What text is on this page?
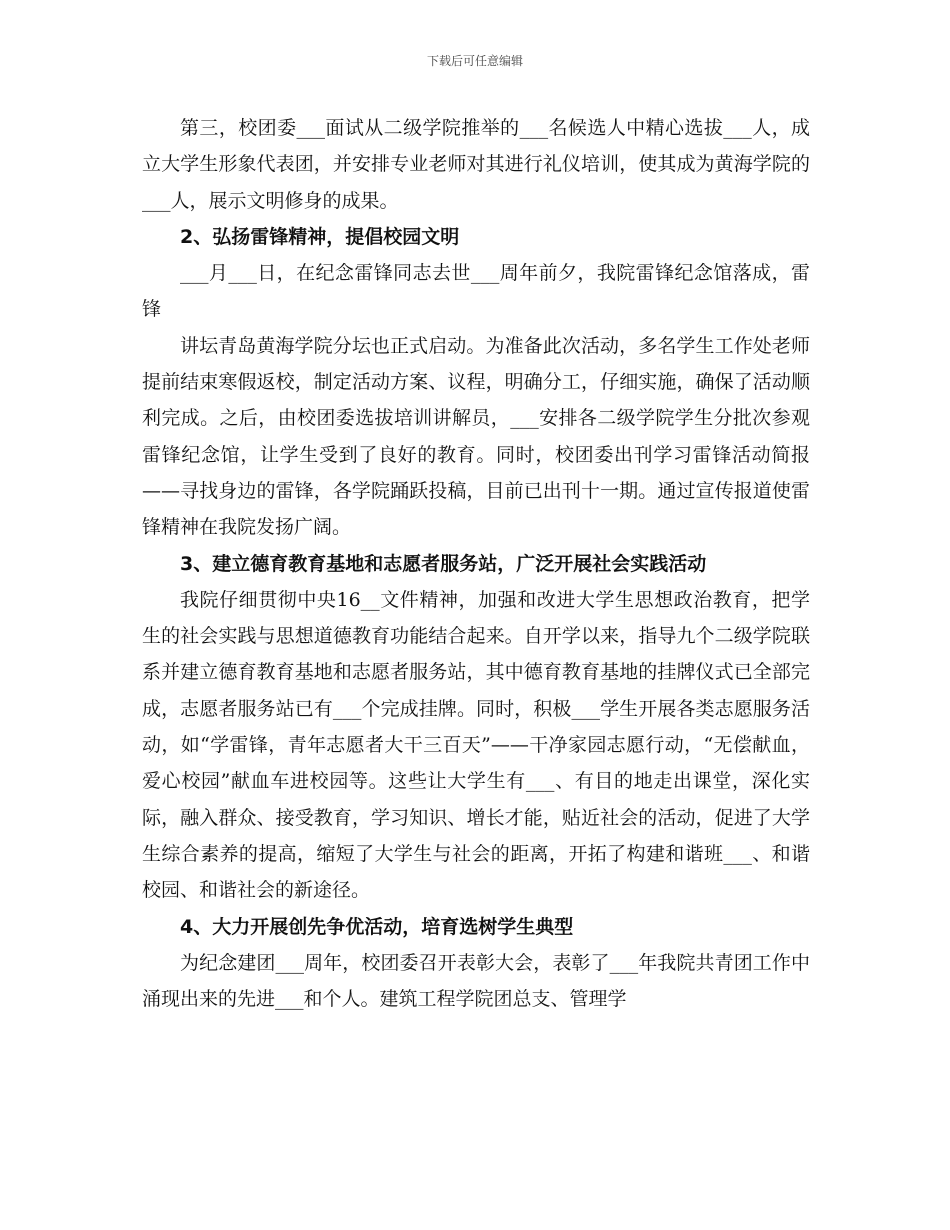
下载后可任意编辑

第三，校团委___面试从二级学院推举的___名候选人中精心选拔___人，成立大学生形象代表团，并安排专业老师对其进行礼仪培训，使其成为黄海学院的___人，展示文明修身的成果。

2、弘扬雷锋精神，提倡校园文明

___月___日，在纪念雷锋同志去世___周年前夕，我院雷锋纪念馆落成，雷锋

讲坛青岛黄海学院分坛也正式启动。为准备此次活动，多名学生工作处老师提前结束寒假返校，制定活动方案、议程，明确分工，仔细实施，确保了活动顺利完成。之后，由校团委选拔培训讲解员，___安排各二级学院学生分批次参观雷锋纪念馆，让学生受到了良好的教育。同时，校团委出刊学习雷锋活动简报——寻找身边的雷锋，各学院踊跃投稿，目前已出刊十一期。通过宣传报道使雷锋精神在我院发扬广阔。

3、建立德育教育基地和志愿者服务站，广泛开展社会实践活动

我院仔细贯彻中央16__文件精神，加强和改进大学生思想政治教育，把学生的社会实践与思想道德教育功能结合起来。自开学以来，指导九个二级学院联系并建立德育教育基地和志愿者服务站，其中德育教育基地的挂牌仪式已全部完成，志愿者服务站已有___个完成挂牌。同时，积极___学生开展各类志愿服务活动，如“学雷锋，青年志愿者大干三百天”——干净家园志愿行动，“无偿献血，爱心校园”献血车进校园等。这些让大学生有___、有目的地走出课堂，深化实际，融入群众、接受教育，学习知识、增长才能，贴近社会的活动，促进了大学生综合素养的提高，缩短了大学生与社会的距离，开拓了构建和谐班___、和谐校园、和谐社会的新途径。

4、大力开展创先争优活动，培育选树学生典型

为纪念建团___周年，校团委召开表彰大会，表彰了___年我院共青团工作中涌现出来的先进___和个人。建筑工程学院团总支、管理学
